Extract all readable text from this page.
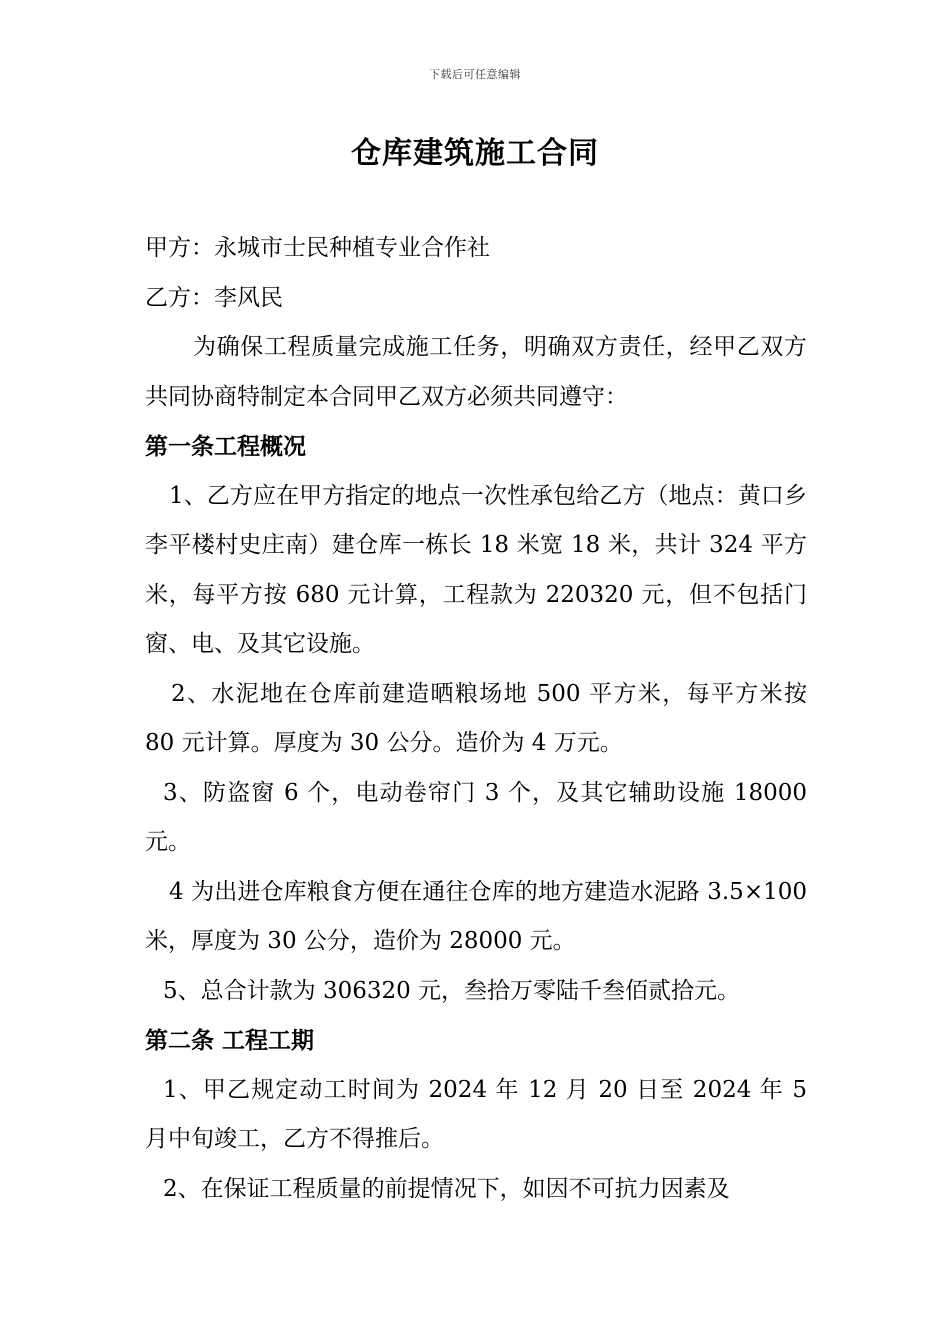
下载后可任意编辑
仓库建筑施工合同

甲方：永城市士民种植专业合作社

乙方：李风民

为确保工程质量完成施工任务，明确双方责任，经甲乙双方共同协商特制定本合同甲乙双方必须共同遵守：

第一条工程概况

1、乙方应在甲方指定的地点一次性承包给乙方（地点：黄口乡李平楼村史庄南）建仓库一栋长 18 米宽 18 米，共计 324 平方米，每平方按 680 元计算，工程款为 220320 元，但不包括门窗、电、及其它设施。

2、水泥地在仓库前建造晒粮场地 500 平方米，每平方米按 80 元计算。厚度为 30 公分。造价为 4 万元。

3、防盗窗 6 个，电动卷帘门 3 个，及其它辅助设施 18000 元。

4 为出进仓库粮食方便在通往仓库的地方建造水泥路 3.5×100 米，厚度为 30 公分，造价为 28000 元。

5、总合计款为 306320 元，叁拾万零陆千叁佰贰拾元。

第二条 工程工期

1、甲乙规定动工时间为 2024 年 12 月 20 日至 2024 年 5 月中旬竣工，乙方不得推后。

2、在保证工程质量的前提情况下，如因不可抗力因素及
